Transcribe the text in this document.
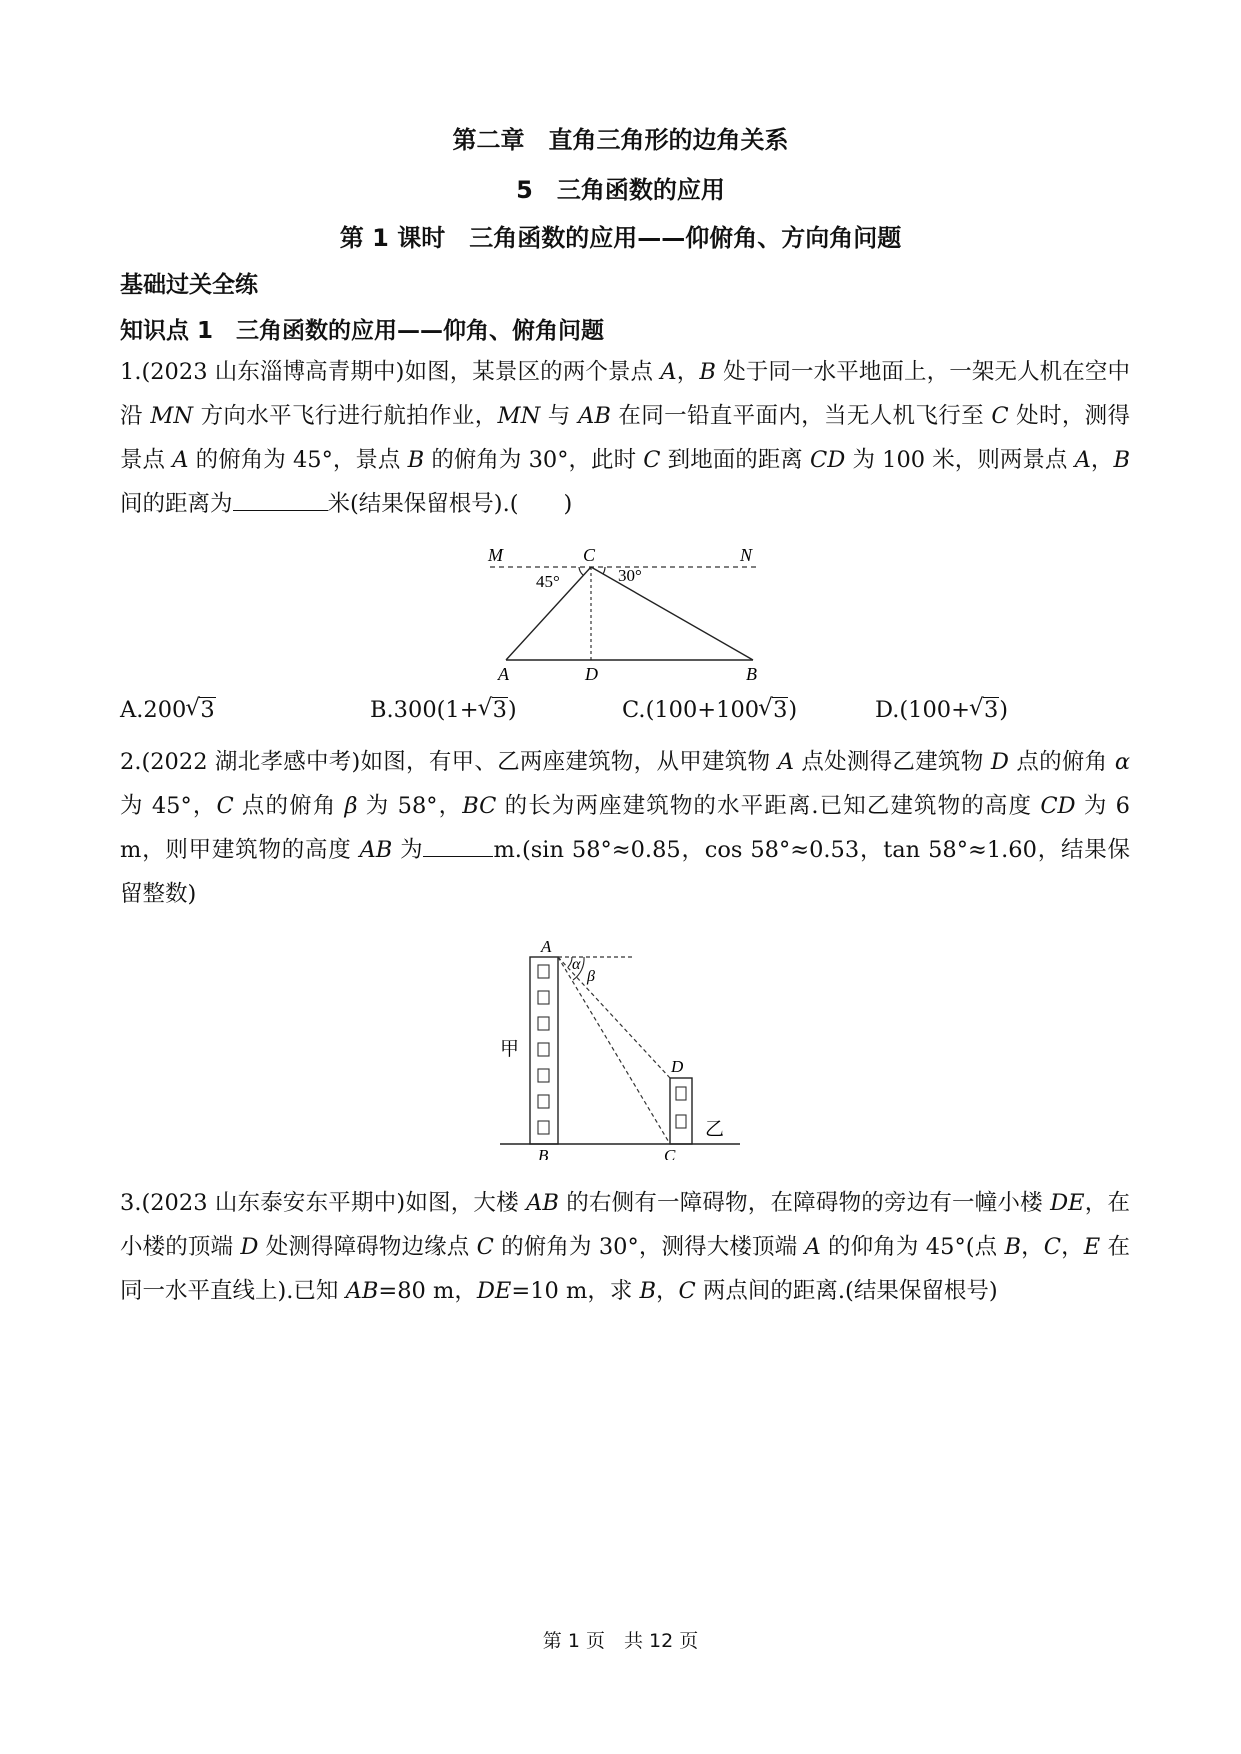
第二章　直角三角形的边角关系
5　三角函数的应用
第 1 课时　三角函数的应用——仰俯角、方向角问题
基础过关全练
知识点 1　三角函数的应用——仰角、俯角问题
1.(2023 山东淄博高青期中)如图，某景区的两个景点 A，B 处于同一水平地面上，一架无人机在空中沿 MN 方向水平飞行进行航拍作业，MN 与 AB 在同一铅直平面内，当无人机飞行至 C 处时，测得景点 A 的俯角为 45°，景点 B 的俯角为 30°，此时 C 到地面的距离 CD 为 100 米，则两景点 A，B 间的距离为	米(结果保留根号).(　　)
M	C	N
45°	30°
A	D	B
A.200 √ 3	B.300(1+ √ 3)	C.(100+100 √ 3)	D.(100+ √ 3)
2.(2022 湖北孝感中考)如图，有甲、乙两座建筑物，从甲建筑物 A 点处测得乙建筑物 D 点的俯角 α 为 45°，C 点的俯角 β 为 58°，BC 的长为两座建筑物的水平距离.已知乙建筑物的高度 CD 为 6 m，则甲建筑物的高度 AB 为	m.(sin 58°≈0.85，cos 58°≈0.53，tan 58°≈1.60，结果保留整数)
A
α
β
甲
D
乙
B	C
3.(2023 山东泰安东平期中)如图，大楼 AB 的右侧有一障碍物，在障碍物的旁边有一幢小楼 DE，在小楼的顶端 D 处测得障碍物边缘点 C 的俯角为 30°，测得大楼顶端 A 的仰角为 45°(点 B，C，E 在同一水平直线上).已知 AB=80 m，DE=10 m，求 B，C 两点间的距离.(结果保留根号)
第 1 页　共 12 页
